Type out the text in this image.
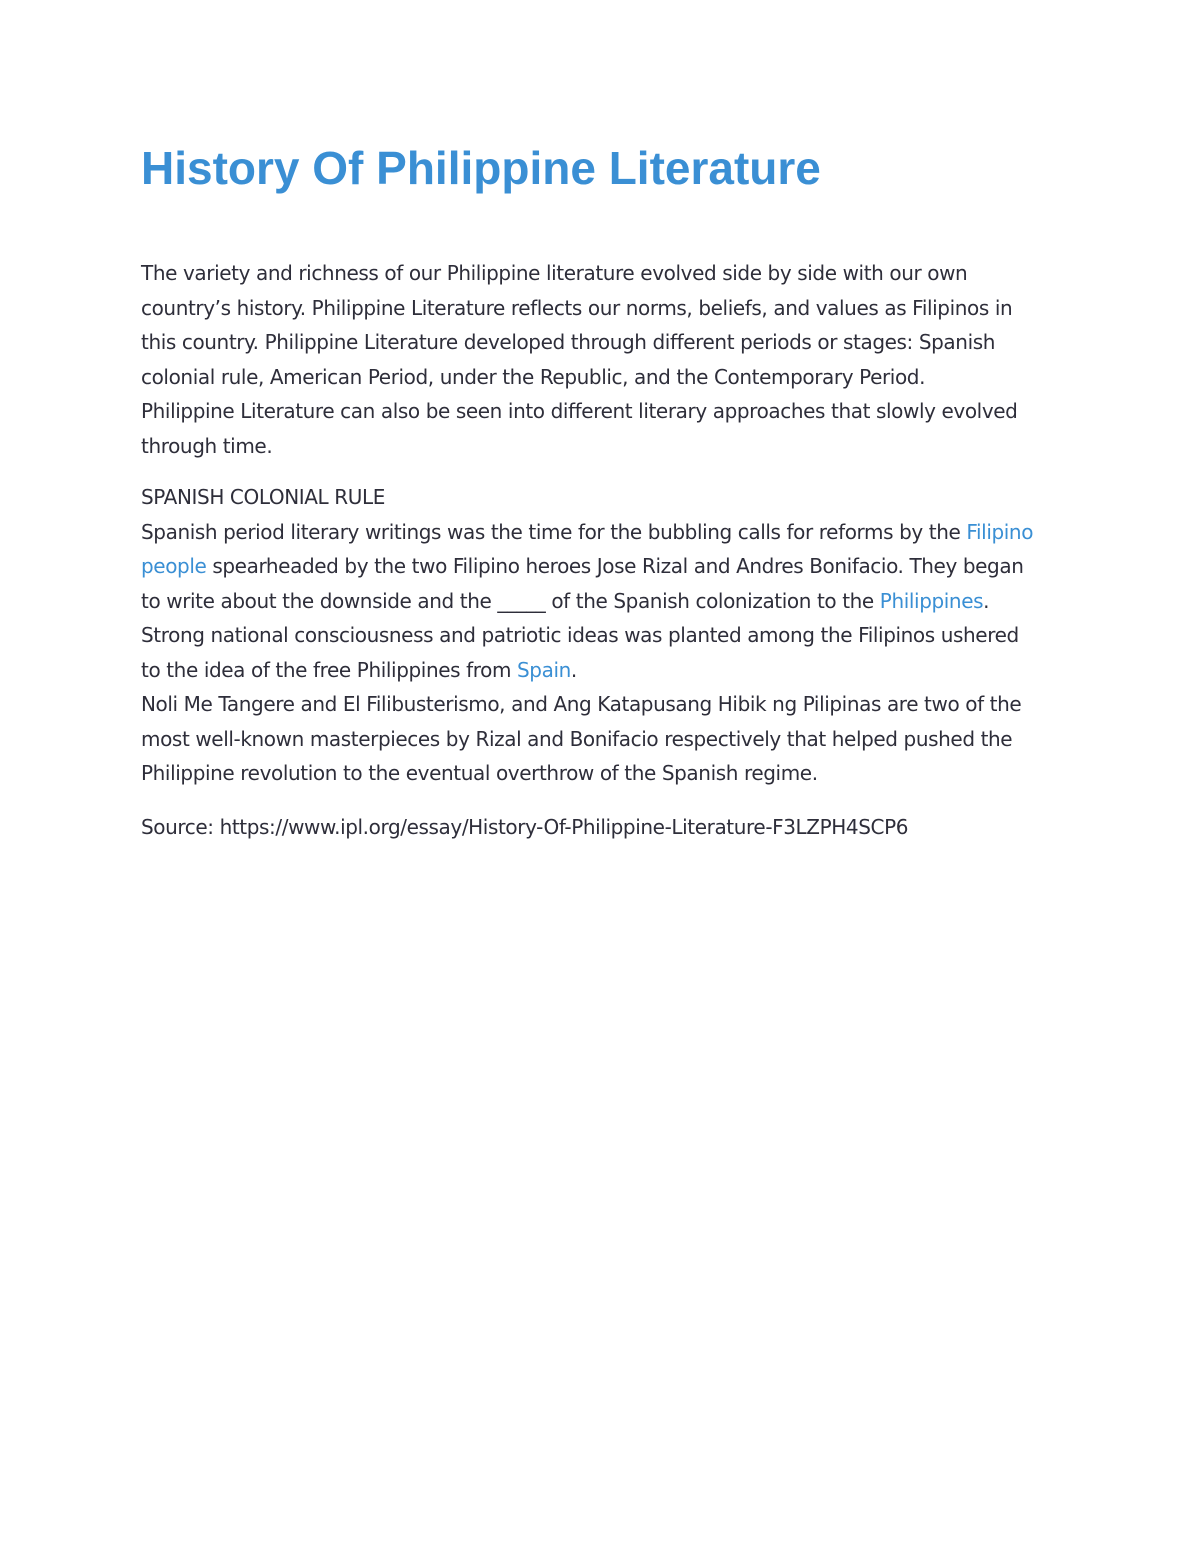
History Of Philippine Literature
The variety and richness of our Philippine literature evolved side by side with our own
country’s history. Philippine Literature reflects our norms, beliefs, and values as Filipinos in
this country. Philippine Literature developed through different periods or stages: Spanish
colonial rule, American Period, under the Republic, and the Contemporary Period.
Philippine Literature can also be seen into different literary approaches that slowly evolved
through time.
SPANISH COLONIAL RULE
Spanish period literary writings was the time for the bubbling calls for reforms by the Filipino
people spearheaded by the two Filipino heroes Jose Rizal and Andres Bonifacio. They began
to write about the downside and the _____ of the Spanish colonization to the Philippines.
Strong national consciousness and patriotic ideas was planted among the Filipinos ushered
to the idea of the free Philippines from Spain.
Noli Me Tangere and El Filibusterismo, and Ang Katapusang Hibik ng Pilipinas are two of the
most well-known masterpieces by Rizal and Bonifacio respectively that helped pushed the
Philippine revolution to the eventual overthrow of the Spanish regime.
Source: https://www.ipl.org/essay/History-Of-Philippine-Literature-F3LZPH4SCP6
